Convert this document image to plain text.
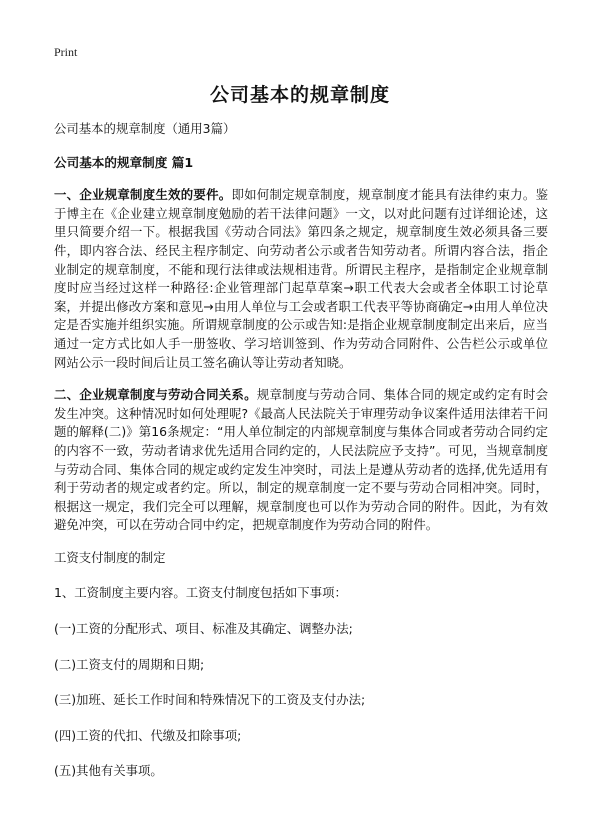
Print
公司基本的规章制度
公司基本的规章制度（通用3篇）
公司基本的规章制度 篇1
一、企业规章制度生效的要件。即如何制定规章制度，规章制度才能具有法律约束力。鉴于博主在《企业建立规章制度勉励的若干法律问题》一文，以对此问题有过详细论述，这里只简要介绍一下。根据我国《劳动合同法》第四条之规定，规章制度生效必须具备三要件，即内容合法、经民主程序制定、向劳动者公示或者告知劳动者。所谓内容合法，指企业制定的规章制度，不能和现行法律或法规相违背。所谓民主程序，是指制定企业规章制度时应当经过这样一种路径:企业管理部门起草草案→职工代表大会或者全体职工讨论草案，并提出修改方案和意见→由用人单位与工会或者职工代表平等协商确定→由用人单位决定是否实施并组织实施。所谓规章制度的公示或告知:是指企业规章制度制定出来后，应当通过一定方式比如人手一册签收、学习培训签到、作为劳动合同附件、公告栏公示或单位网站公示一段时间后让员工签名确认等让劳动者知晓。
二、企业规章制度与劳动合同关系。规章制度与劳动合同、集体合同的规定或约定有时会发生冲突。这种情况时如何处理呢?《最高人民法院关于审理劳动争议案件适用法律若干问题的解释(二)》第16条规定：“用人单位制定的内部规章制度与集体合同或者劳动合同约定的内容不一致，劳动者请求优先适用合同约定的，人民法院应予支持”。可见，当规章制度与劳动合同、集体合同的规定或约定发生冲突时，司法上是遵从劳动者的选择,优先适用有利于劳动者的规定或者约定。所以，制定的规章制度一定不要与劳动合同相冲突。同时，根据这一规定，我们完全可以理解，规章制度也可以作为劳动合同的附件。因此，为有效避免冲突，可以在劳动合同中约定，把规章制度作为劳动合同的附件。
工资支付制度的制定
1、工资制度主要内容。工资支付制度包括如下事项：
(一)工资的分配形式、项目、标准及其确定、调整办法;
(二)工资支付的周期和日期;
(三)加班、延长工作时间和特殊情况下的工资及支付办法;
(四)工资的代扣、代缴及扣除事项;
(五)其他有关事项。
